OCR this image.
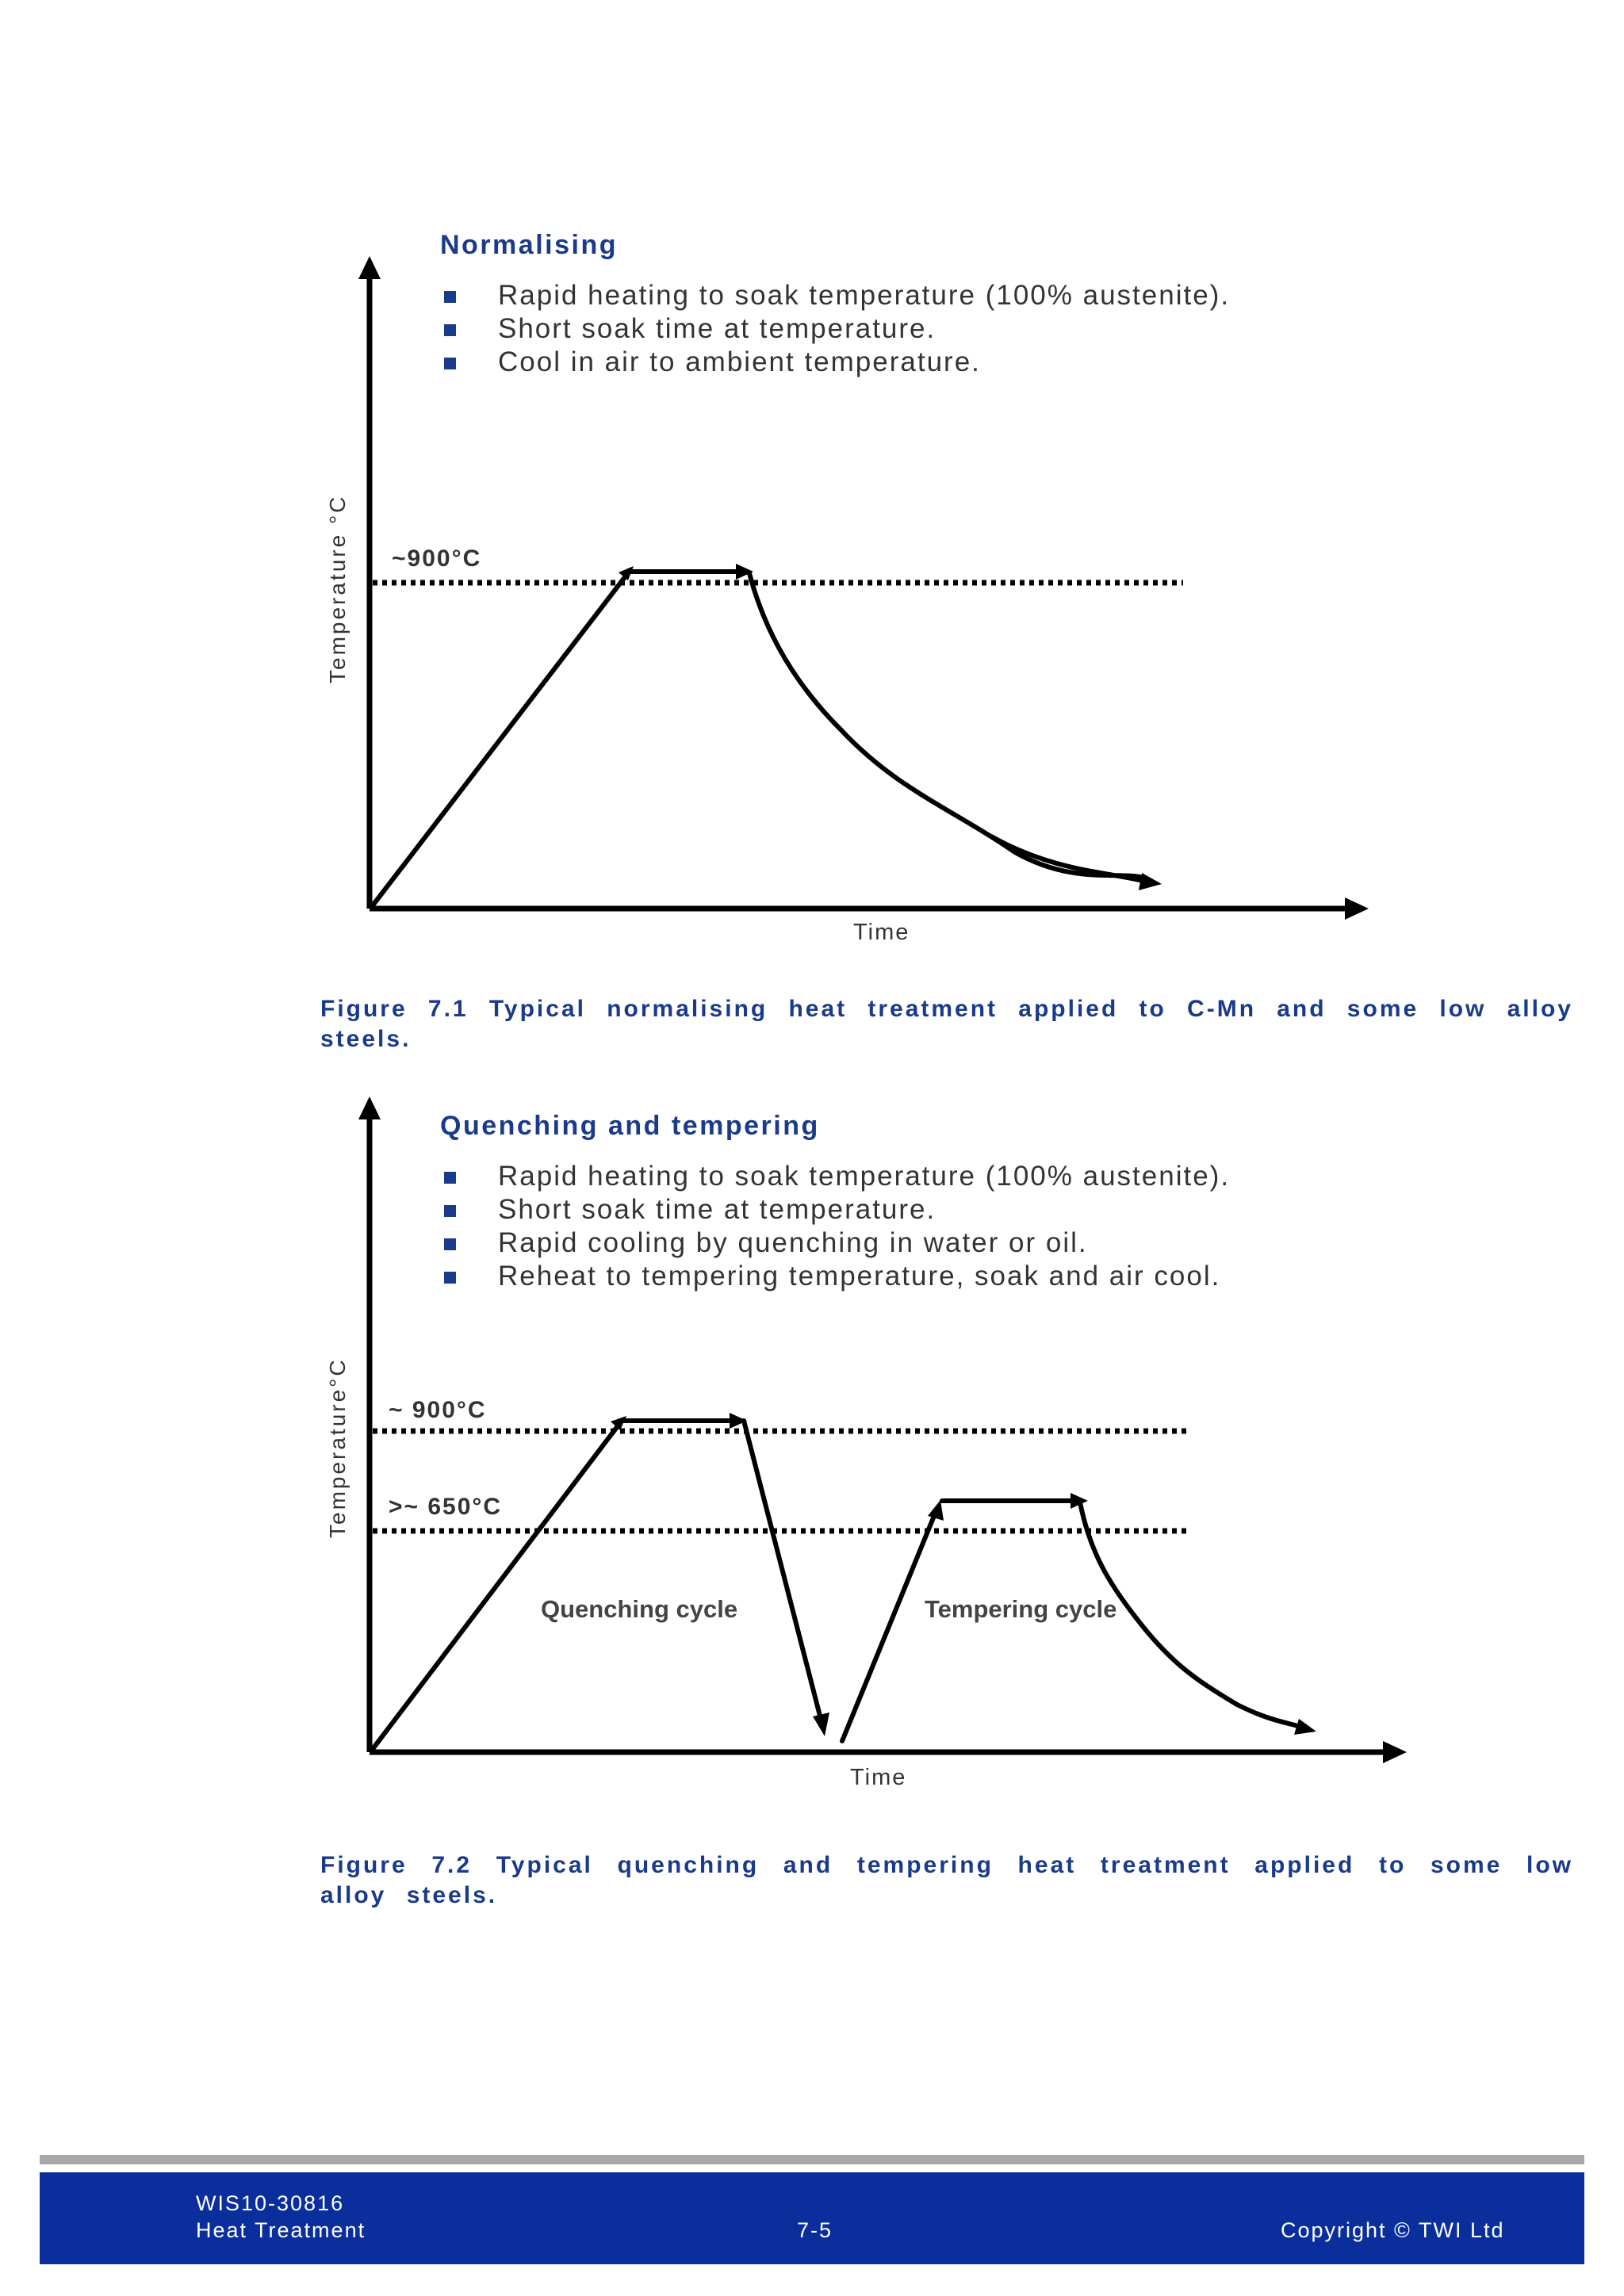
Normalising
Rapid heating to soak temperature (100% austenite).
Short soak time at temperature.
Cool in air to ambient temperature.
Temperature °C ~900°C
Time
Figure 7.1 Typical normalising heat treatment applied to C-Mn and some low alloy steels.
Quenching and tempering
Rapid heating to soak temperature (100% austenite).
Short soak time at temperature.
Rapid cooling by quenching in water or oil.
Reheat to tempering temperature, soak and air cool.
Temperature°C ~ 900°C
>~ 650°C
Quenching cycle	Tempering cycle
Time
Figure 7.2 Typical quenching and tempering heat treatment applied to some low alloy steels.
WIS10-30816
Heat Treatment	7-5	Copyright © TWI Ltd
